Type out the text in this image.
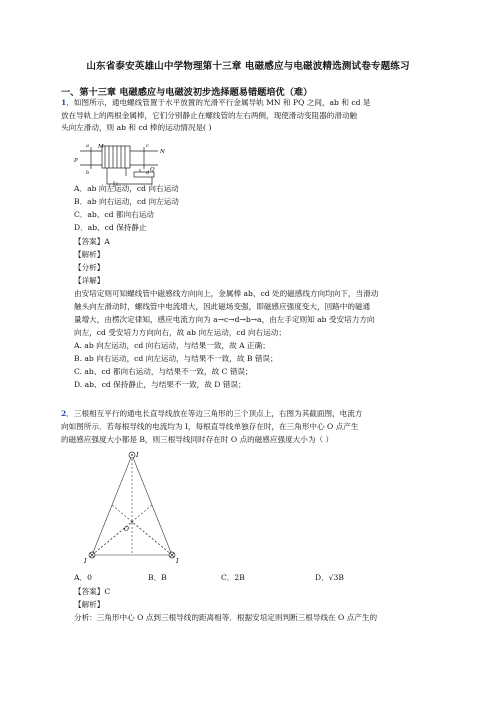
山东省泰安英雄山中学物理第十三章 电磁感应与电磁波精选测试卷专题练习
一、第十三章 电磁感应与电磁波初步选择题易错题培优（难）
1．如图所示，通电螺线管置于水平放置的光滑平行金属导轨 MN 和 PQ 之间，ab 和 cd 是
放在导轨上的两根金属棒，它们分别静止在螺线管的左右两侧，现使滑动变阻器的滑动触
头向左滑动，则 ab 和 cd 棒的运动情况是( )
M
N
P
Q
a
b
c
d
A．ab 向左运动，cd 向右运动
B．ab 向右运动，cd 向左运动
C．ab、cd 都向右运动
D．ab、cd 保持静止
【答案】A
【解析】
【分析】
【详解】
由安培定则可知螺线管中磁感线方向向上，金属棒 ab、cd 处的磁感线方向均向下，当滑动
触头向左滑动时，螺线管中电流增大，因此磁场变强，即磁感应强度变大，回路中的磁通
量增大，由楞次定律知，感应电流方向为 a→c→d→b→a，由左手定则知 ab 受安培力方向
向左，cd 受安培力方向向右，故 ab 向左运动，cd 向右运动；
A. ab 向左运动，cd 向右运动，与结果一致，故 A 正确；
B. ab 向右运动，cd 向左运动，与结果不一致，故 B 错误；
C. ab、cd 都向右运动，与结果不一致，故 C 错误；
D. ab、cd 保持静止，与结果不一致，故 D 错误；
2．三根相互平行的通电长直导线放在等边三角形的三个顶点上，右图为其截面图，电流方
向如图所示．若每根导线的电流均为 I，每根直导线单独存在时，在三角形中心 O 点产生
的磁感应强度大小都是 B，则三根导线同时存在时 O 点的磁感应强度大小为（ ）
I
I	I
O
A．0	B．B	C．2B	D．√3B
【答案】C
【解析】
分析：三角形中心 O 点到三根导线的距离相等．根据安培定则判断三根导线在 O 点产生的
